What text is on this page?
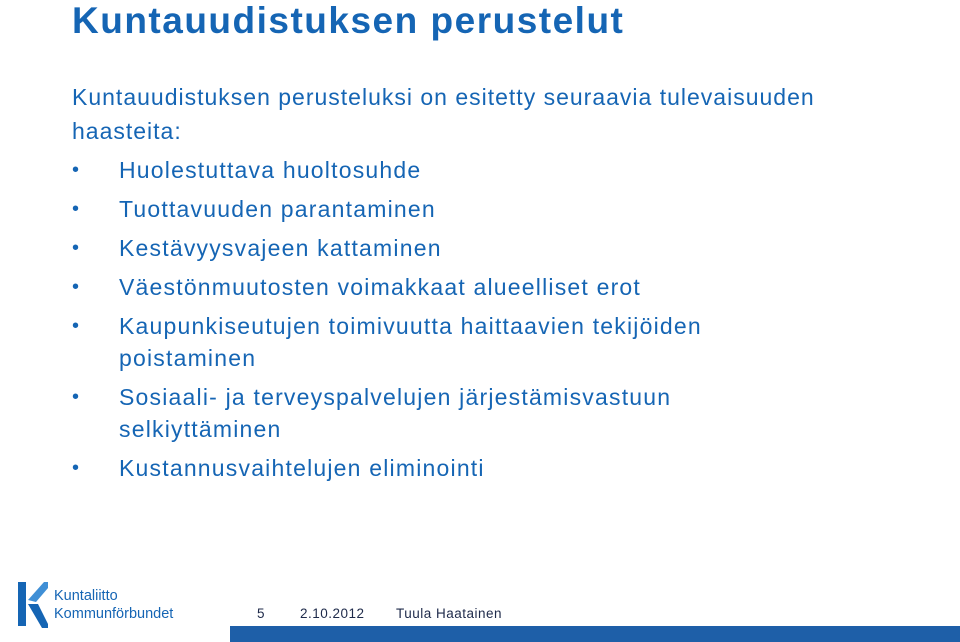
Kuntauudistuksen perustelut
Kuntauudistuksen perusteluksi on esitetty seuraavia tulevaisuuden haasteita:
• Huolestuttava huoltosuhde
• Tuottavuuden parantaminen
• Kestävyysvajeen kattaminen
• Väestönmuutosten voimakkaat alueelliset erot
• Kaupunkiseutujen toimivuutta haittaavien tekijöiden poistaminen
• Sosiaali- ja terveyspalvelujen järjestämisvastuun selkiyttäminen
• Kustannusvaihtelujen eliminointi
Kuntaliitto
Kommunförbundet	5	2.10.2012 Tuula Haatainen
